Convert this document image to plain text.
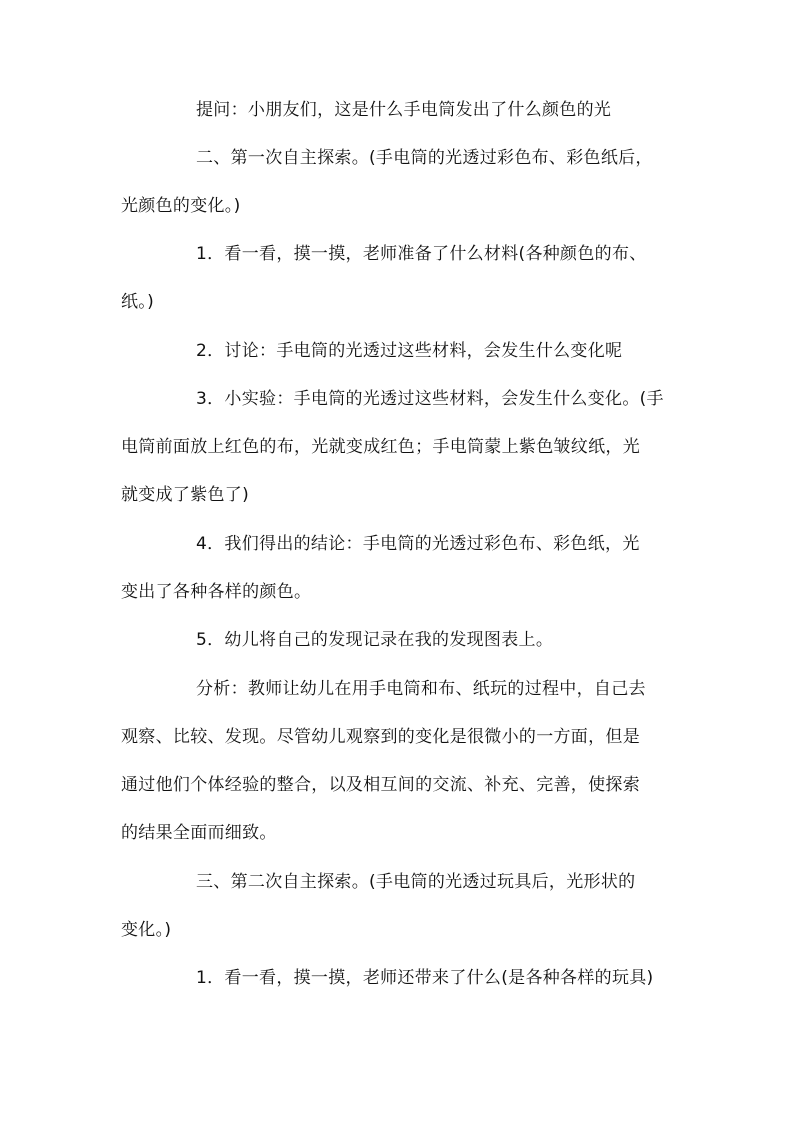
提问：小朋友们，这是什么手电筒发出了什么颜色的光
二、第一次自主探索。(手电筒的光透过彩色布、彩色纸后，
光颜色的变化。)
1．看一看，摸一摸，老师准备了什么材料(各种颜色的布、
纸。)
2．讨论：手电筒的光透过这些材料，会发生什么变化呢
3．小实验：手电筒的光透过这些材料，会发生什么变化。(手
电筒前面放上红色的布，光就变成红色；手电筒蒙上紫色皱纹纸，光
就变成了紫色了)
4．我们得出的结论：手电筒的光透过彩色布、彩色纸，光
变出了各种各样的颜色。
5．幼儿将自己的发现记录在我的发现图表上。
分析：教师让幼儿在用手电筒和布、纸玩的过程中，自己去
观察、比较、发现。尽管幼儿观察到的变化是很微小的一方面，但是
通过他们个体经验的整合，以及相互间的交流、补充、完善，使探索
的结果全面而细致。
三、第二次自主探索。(手电筒的光透过玩具后，光形状的
变化。)
1．看一看，摸一摸，老师还带来了什么(是各种各样的玩具)
